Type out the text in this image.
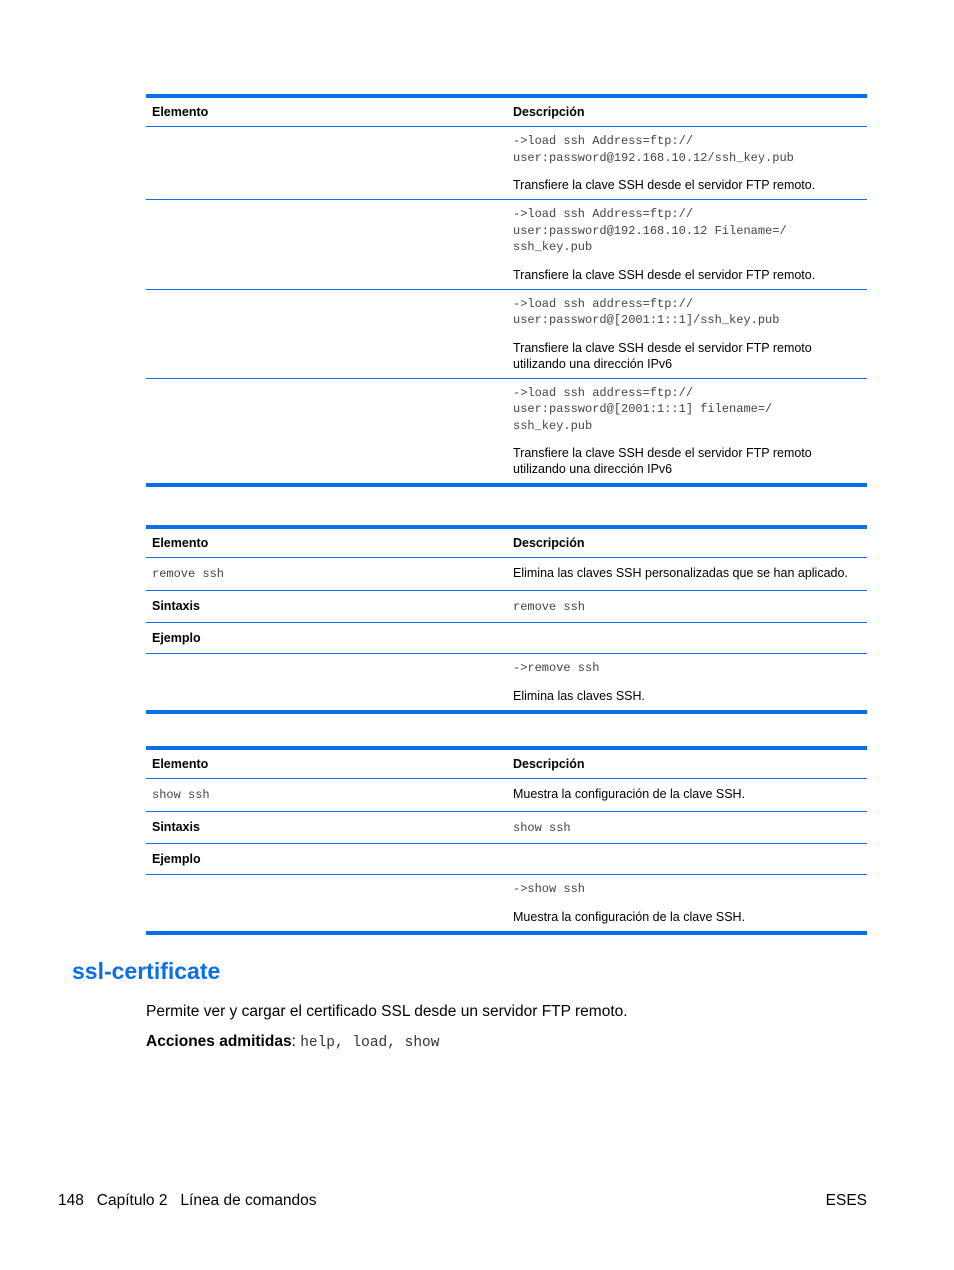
Elemento	Descripción

	->load ssh Address=ftp://
user:password@192.168.10.12/ssh_key.pub
Transfiere la clave SSH desde el servidor FTP remoto.

	->load ssh Address=ftp://
user:password@192.168.10.12 Filename=/
ssh_key.pub
Transfiere la clave SSH desde el servidor FTP remoto.

	->load ssh address=ftp://
user:password@[2001:1::1]/ssh_key.pub
Transfiere la clave SSH desde el servidor FTP remoto utilizando una dirección IPv6

	->load ssh address=ftp://
user:password@[2001:1::1] filename=/
ssh_key.pub
Transfiere la clave SSH desde el servidor FTP remoto utilizando una dirección IPv6
Elemento	Descripción
remove ssh	Elimina las claves SSH personalizadas que se han aplicado.
Sintaxis	remove ssh
Ejemplo	

	->remove ssh
Elimina las claves SSH.
Elemento	Descripción
show ssh	Muestra la configuración de la clave SSH.
Sintaxis	show ssh
Ejemplo	

	->show ssh
Muestra la configuración de la clave SSH.
ssl-certificate

Permite ver y cargar el certificado SSL desde un servidor FTP remoto.

Acciones admitidas: help, load, show

148 Capítulo 2 Línea de comandos	ESES
